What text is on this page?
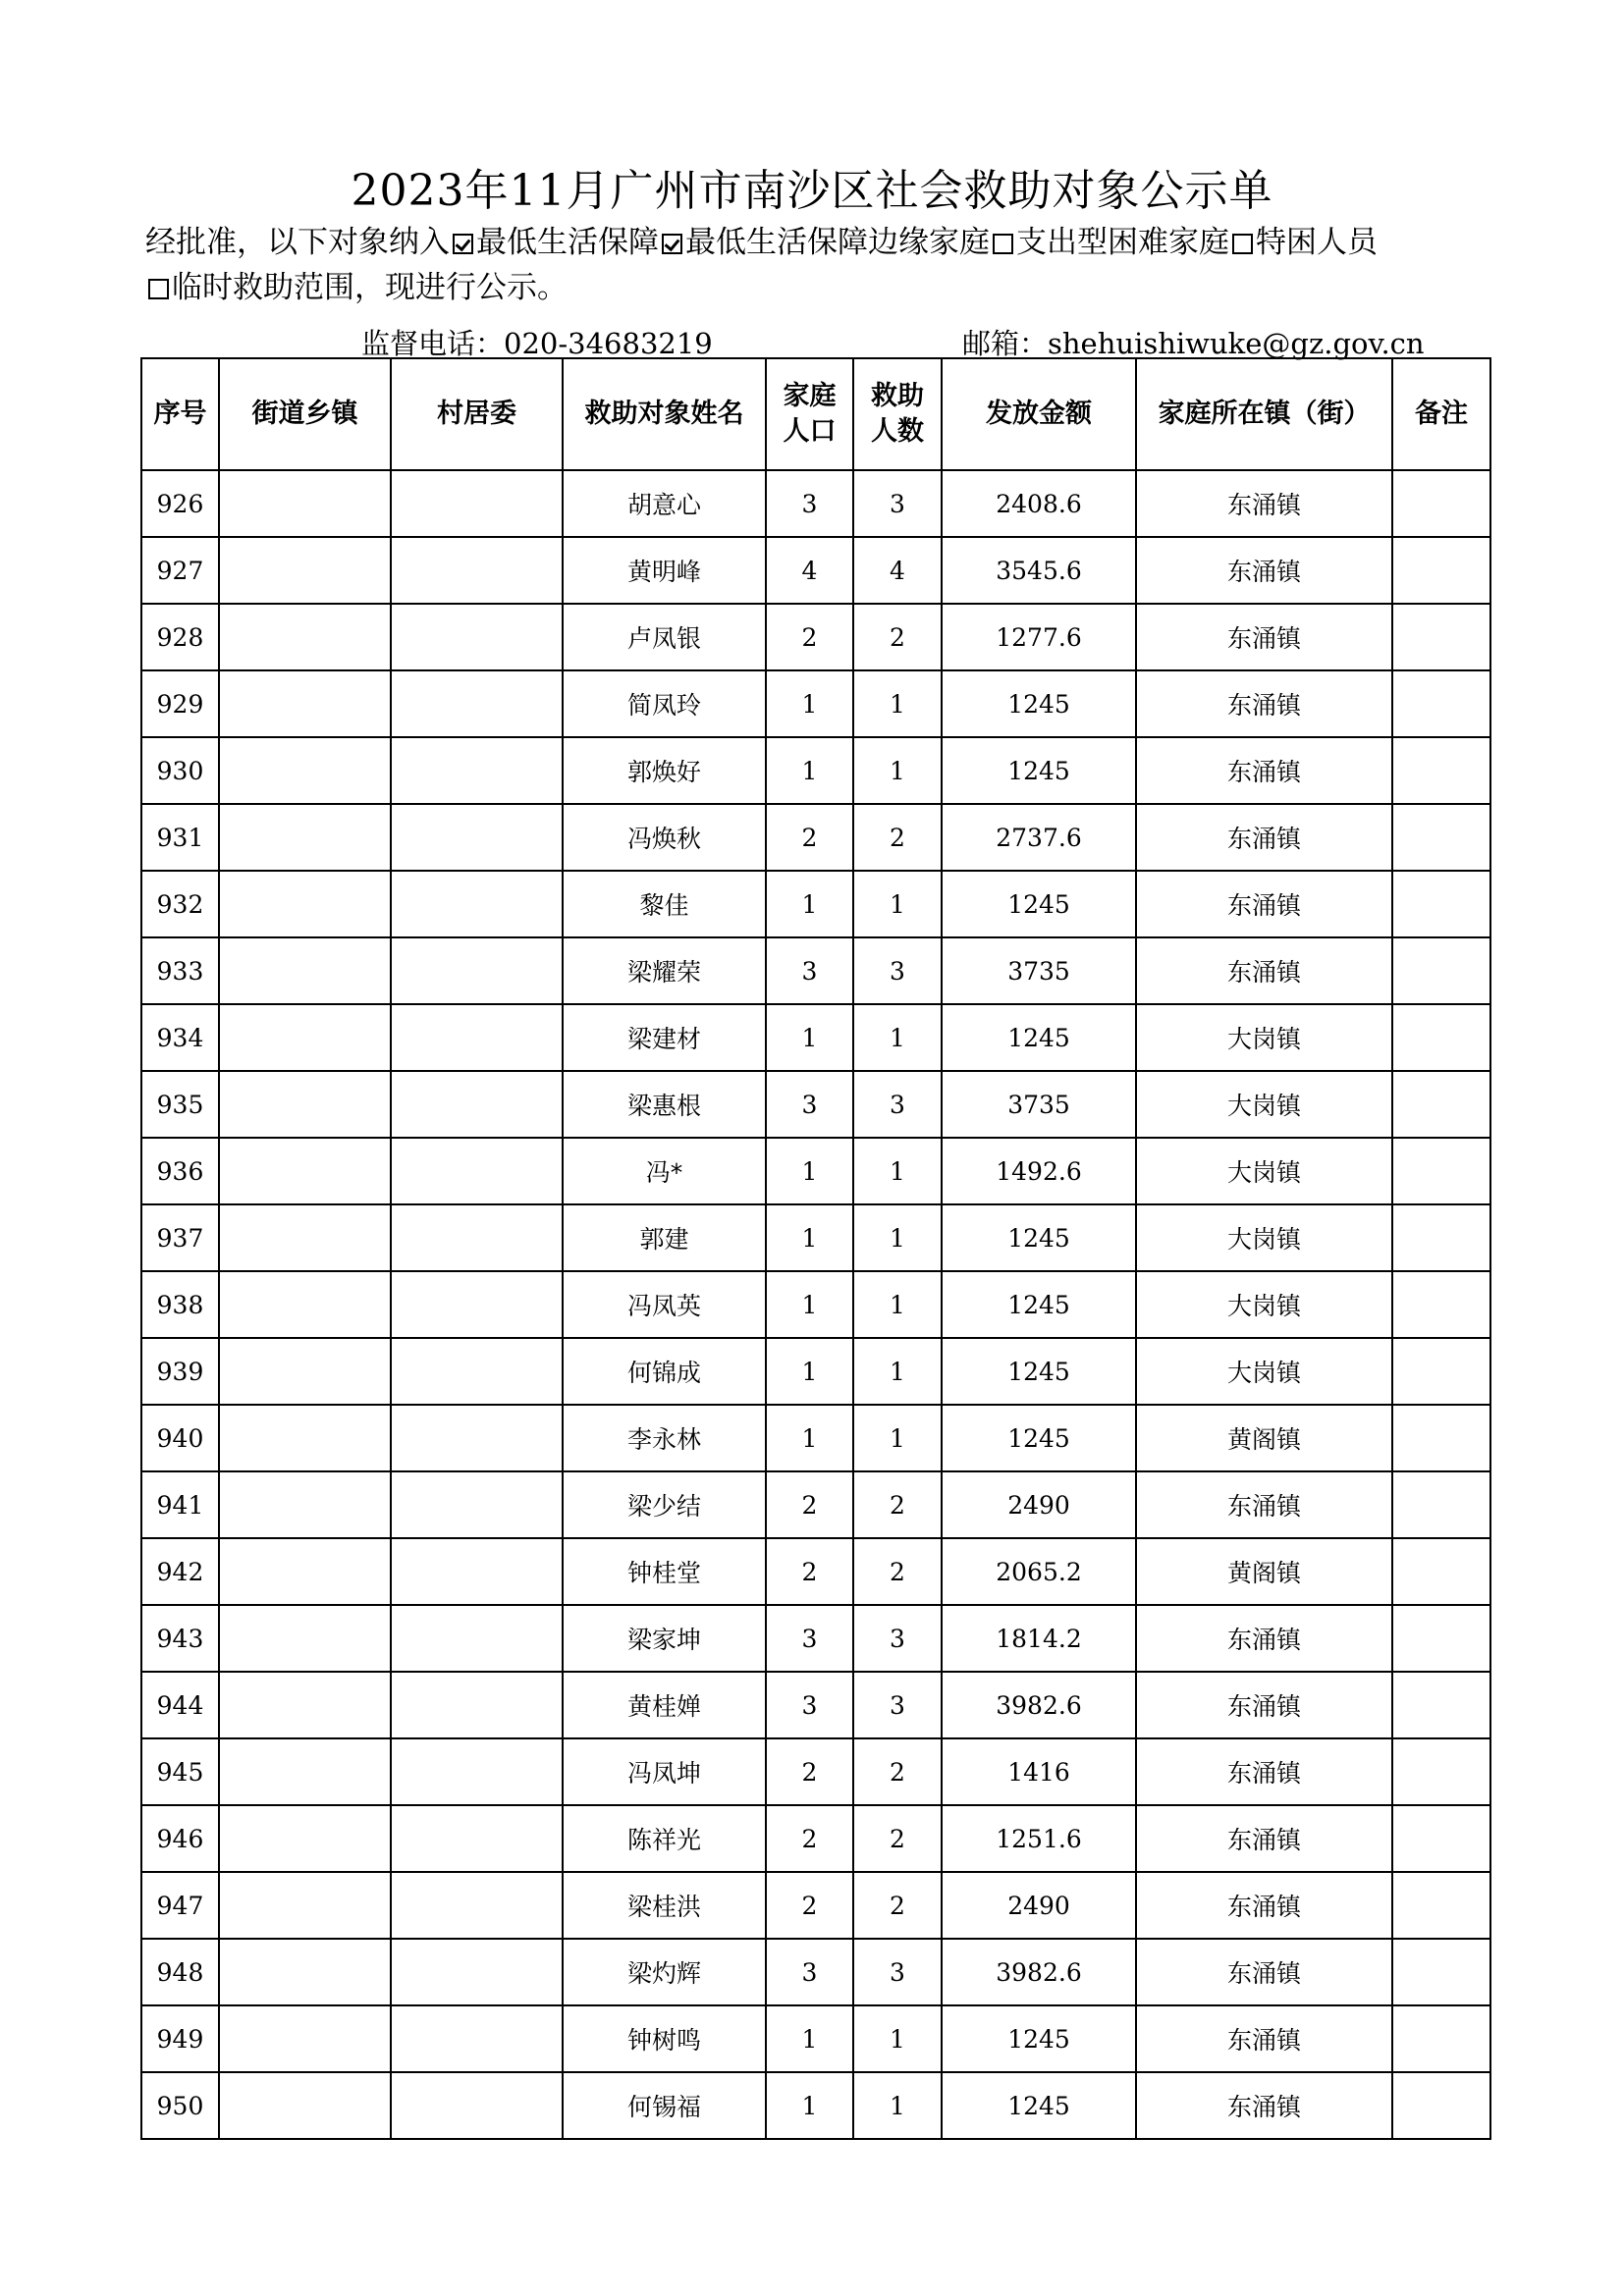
2023年11月广州市南沙区社会救助对象公示单
经批准，以下对象纳入 最低生活保障 最低生活保障边缘家庭 支出型困难家庭 特困人员
临时救助范围，现进行公示。
监督电话：020-34683219	邮箱：shehuishiwuke@gz.gov.cn
序号	街道乡镇	村居委	救助对象姓名	家庭人口	救助人数	发放金额	家庭所在镇（街）	备注
926			胡意心	3	3	2408.6	东涌镇	
927			黄明峰	4	4	3545.6	东涌镇	
928			卢凤银	2	2	1277.6	东涌镇	
929			简凤玲	1	1	1245	东涌镇	
930			郭焕好	1	1	1245	东涌镇	
931			冯焕秋	2	2	2737.6	东涌镇	
932			黎佳	1	1	1245	东涌镇	
933			梁耀荣	3	3	3735	东涌镇	
934			梁建材	1	1	1245	大岗镇	
935			梁惠根	3	3	3735	大岗镇	
936			冯*	1	1	1492.6	大岗镇	
937			郭建	1	1	1245	大岗镇	
938			冯凤英	1	1	1245	大岗镇	
939			何锦成	1	1	1245	大岗镇	
940			李永林	1	1	1245	黄阁镇	
941			梁少结	2	2	2490	东涌镇	
942			钟桂堂	2	2	2065.2	黄阁镇	
943			梁家坤	3	3	1814.2	东涌镇	
944			黄桂婵	3	3	3982.6	东涌镇	
945			冯凤坤	2	2	1416	东涌镇	
946			陈祥光	2	2	1251.6	东涌镇	
947			梁桂洪	2	2	2490	东涌镇	
948			梁灼辉	3	3	3982.6	东涌镇	
949			钟树鸣	1	1	1245	东涌镇	
950			何锡福	1	1	1245	东涌镇	
